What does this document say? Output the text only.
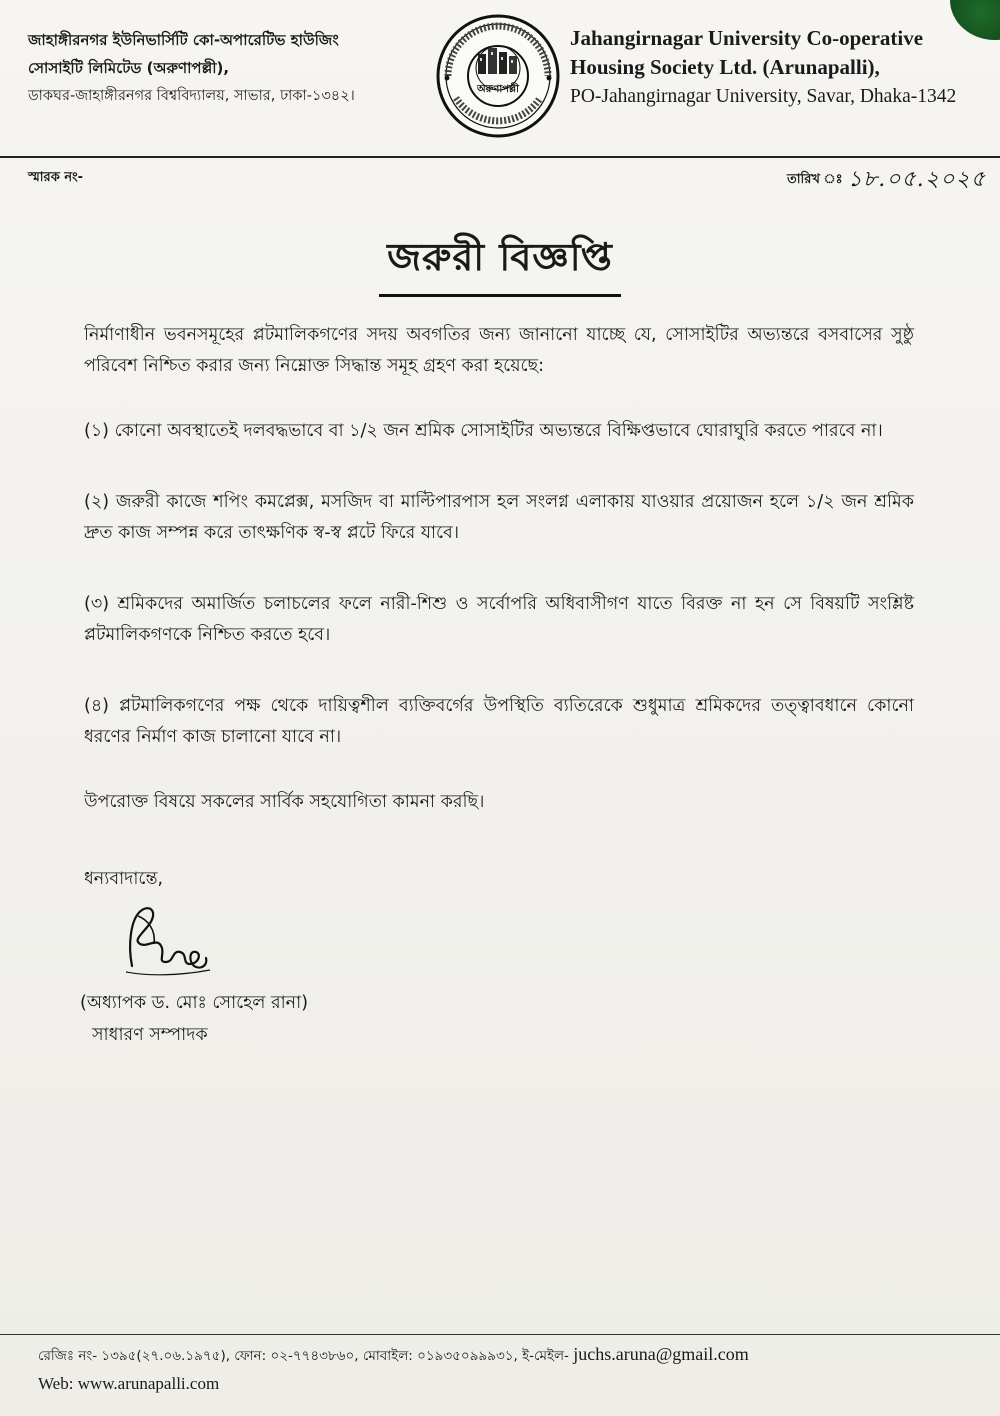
জাহাঙ্গীরনগর ইউনিভার্সিটি কো-অপারেটিভ হাউজিং
সোসাইটি লিমিটেড (অরুণাপল্লী),
ডাকঘর-জাহাঙ্গীরনগর বিশ্ববিদ্যালয়, সাভার, ঢাকা-১৩৪২।	অরুণাপল্লী
Jahangirnagar University Co-operative
Housing Society Ltd. (Arunapalli),
PO-Jahangirnagar University, Savar, Dhaka-1342
স্মারক নং-	তারিখ ঃ ১৮.০৫.২০২৫
জরুরী বিজ্ঞপ্তি

নির্মাণাধীন ভবনসমূহের প্লটমালিকগণের সদয় অবগতির জন্য জানানো যাচ্ছে যে, সোসাইটির অভ্যন্তরে বসবাসের সুষ্ঠু পরিবেশ নিশ্চিত করার জন্য নিম্নোক্ত সিদ্ধান্ত সমূহ গ্রহণ করা হয়েছে:

(১) কোনো অবস্থাতেই দলবদ্ধভাবে বা ১/২ জন শ্রমিক সোসাইটির অভ্যন্তরে বিক্ষিপ্তভাবে ঘোরাঘুরি করতে পারবে না।

(২) জরুরী কাজে শপিং কমপ্লেক্স, মসজিদ বা মাল্টিপারপাস হল সংলগ্ন এলাকায় যাওয়ার প্রয়োজন হলে ১/২ জন শ্রমিক দ্রুত কাজ সম্পন্ন করে তাৎক্ষণিক স্ব-স্ব প্লটে ফিরে যাবে।

(৩) শ্রমিকদের অমার্জিত চলাচলের ফলে নারী-শিশু ও সর্বোপরি অধিবাসীগণ যাতে বিরক্ত না হন সে বিষয়টি সংশ্লিষ্ট প্লটমালিকগণকে নিশ্চিত করতে হবে।

(৪) প্লটমালিকগণের পক্ষ থেকে দায়িত্বশীল ব্যক্তিবর্গের উপস্থিতি ব্যতিরেকে শুধুমাত্র শ্রমিকদের তত্ত্বাবধানে কোনো ধরণের নির্মাণ কাজ চালানো যাবে না।

উপরোক্ত বিষয়ে সকলের সার্বিক সহযোগিতা কামনা করছি।

ধন্যবাদান্তে,
(অধ্যাপক ড. মোঃ সোহেল রানা)
সাধারণ সম্পাদক
রেজিঃ নং- ১৩৯৫(২৭.০৬.১৯৭৫), ফোন: ০২-৭৭৪৩৮৬০, মোবাইল: ০১৯৩৫০৯৯৯৩১, ই-মেইল- juchs.aruna@gmail.com
Web: www.arunapalli.com
